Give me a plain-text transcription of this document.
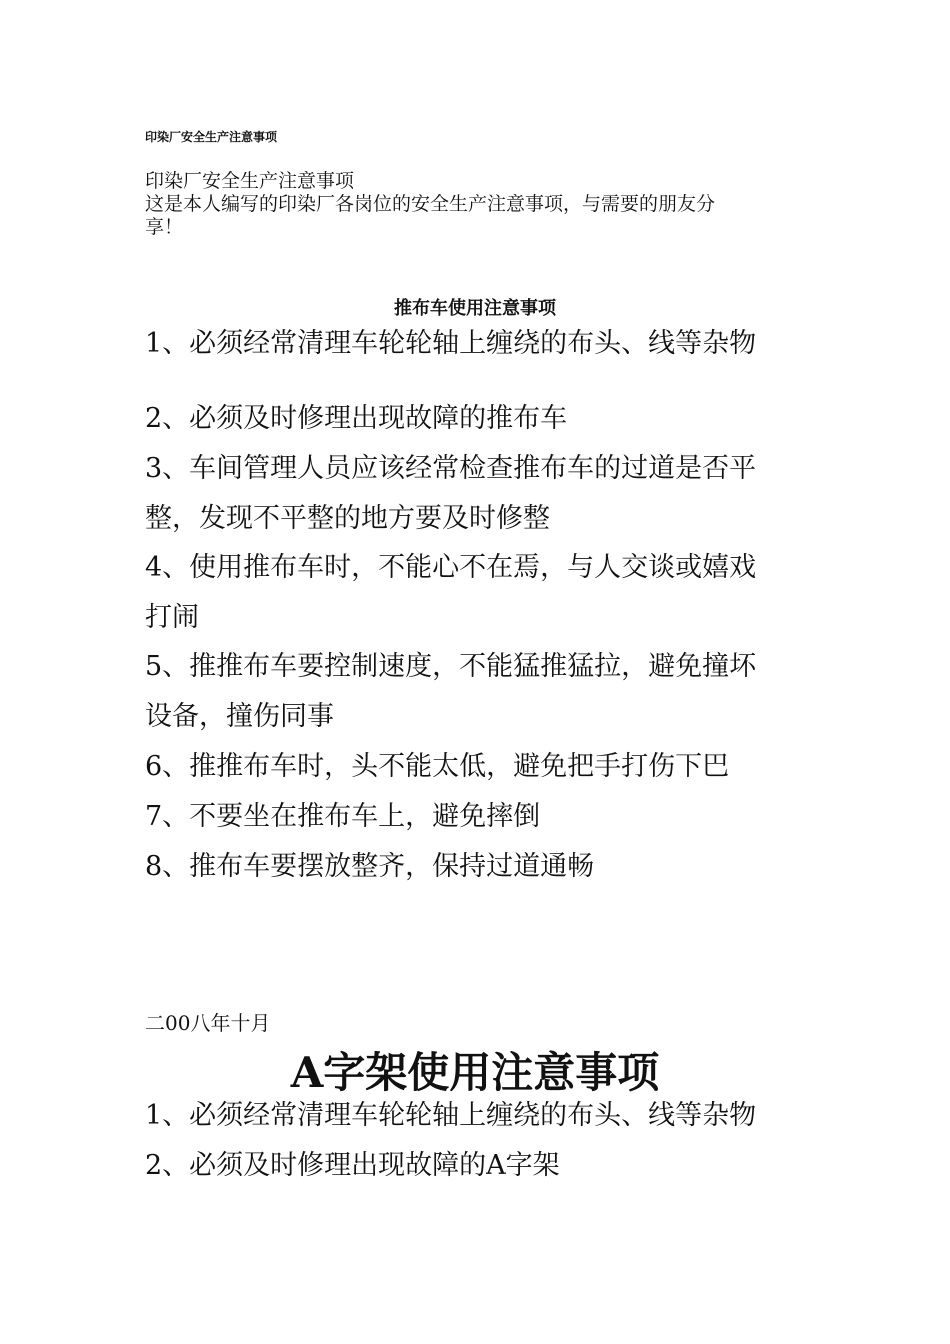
印染厂安全生产注意事项
印染厂安全生产注意事项
这是本人编写的印染厂各岗位的安全生产注意事项，与需要的朋友分
享！
推布车使用注意事项
1、必须经常清理车轮轮轴上缠绕的布头、线等杂物
2、必须及时修理出现故障的推布车
3、车间管理人员应该经常检查推布车的过道是否平
整，发现不平整的地方要及时修整
4、使用推布车时，不能心不在焉，与人交谈或嬉戏
打闹
5、推推布车要控制速度，不能猛推猛拉，避免撞坏
设备，撞伤同事
6、推推布车时，头不能太低，避免把手打伤下巴
7、不要坐在推布车上，避免摔倒
8、推布车要摆放整齐，保持过道通畅
二00八年十月
A字架使用注意事项
1、必须经常清理车轮轮轴上缠绕的布头、线等杂物
2、必须及时修理出现故障的A字架
